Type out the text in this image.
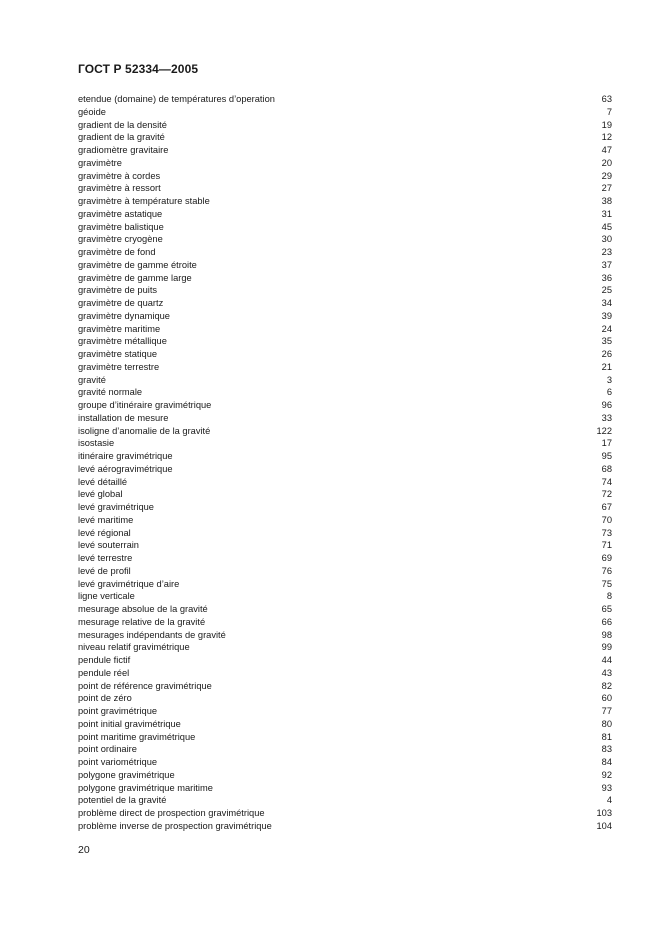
ГОСТ Р 52334—2005
etendue (domaine) de températures d’operation	63
géoide	7
gradient de la densité	19
gradient de la gravité	12
gradiomètre gravitaire	47
gravimètre	20
gravimètre à cordes	29
gravimètre à ressort	27
gravimètre à température stable	38
gravimètre astatique	31
gravimètre balistique	45
gravimètre cryogène	30
gravimètre de fond	23
gravimètre de gamme étroite	37
gravimètre de gamme large	36
gravimètre de puits	25
gravimètre de quartz	34
gravimètre dynamique	39
gravimètre maritime	24
gravimètre métallique	35
gravimètre statique	26
gravimètre terrestre	21
gravité	3
gravité normale	6
groupe d’itinéraire gravimétrique	96
installation de mesure	33
isoligne d’anomalie de la gravité	122
isostasie	17
itinéraire gravimétrique	95
levé aérogravimétrique	68
levé détaillé	74
levé global	72
levé gravimétrique	67
levé maritime	70
levé régional	73
levé souterrain	71
levé terrestre	69
levé de profil	76
levé gravimétrique d’aire	75
ligne verticale	8
mesurage absolue de la gravité	65
mesurage relative de la gravité	66
mesurages indépendants de gravité	98
niveau relatif gravimétrique	99
pendule fictif	44
pendule réel	43
point de référence gravimétrique	82
point de zéro	60
point gravimétrique	77
point initial gravimétrique	80
point maritime gravimétrique	81
point ordinaire	83
point variométrique	84
polygone gravimétrique	92
polygone gravimétrique maritime	93
potentiel de la gravité	4
problème direct de prospection gravimétrique	103
problème inverse de prospection gravimétrique	104
20
